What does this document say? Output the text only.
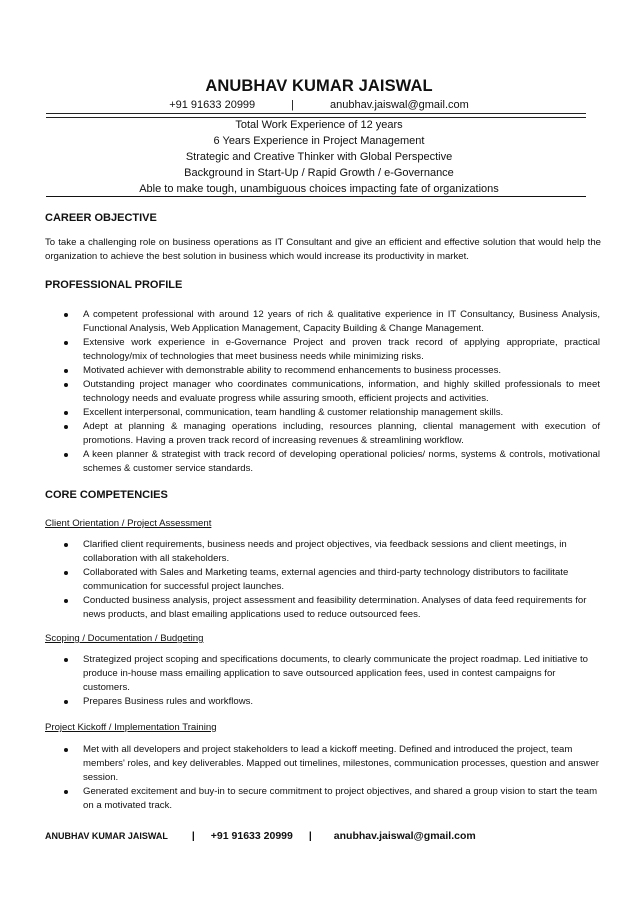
ANUBHAV KUMAR JAISWAL
+91 91633 20999	|	anubhav.jaiswal@gmail.com
Total Work Experience of 12 years
6 Years Experience in Project Management
Strategic and Creative Thinker with Global Perspective
Background in Start-Up / Rapid Growth / e-Governance
Able to make tough, unambiguous choices impacting fate of organizations
CAREER OBJECTIVE

To take a challenging role on business operations as IT Consultant and give an efficient and effective solution that would help the organization to achieve the best solution in business which would increase its productivity in market.

PROFESSIONAL PROFILE
A competent professional with around 12 years of rich & qualitative experience in IT Consultancy, Business Analysis, Functional Analysis, Web Application Management, Capacity Building & Change Management.
Extensive work experience in e-Governance Project and proven track record of applying appropriate, practical technology/mix of technologies that meet business needs while minimizing risks.
Motivated achiever with demonstrable ability to recommend enhancements to business processes.
Outstanding project manager who coordinates communications, information, and highly skilled professionals to meet technology needs and evaluate progress while assuring smooth, efficient projects and activities.
Excellent interpersonal, communication, team handling & customer relationship management skills.
Adept at planning & managing operations including, resources planning, cliental management with execution of promotions. Having a proven track record of increasing revenues & streamlining workflow.
A keen planner & strategist with track record of developing operational policies/ norms, systems & controls, motivational schemes & customer service standards.
CORE COMPETENCIES

Client Orientation / Project Assessment

Clarified client requirements, business needs and project objectives, via feedback sessions and client meetings, in collaboration with all stakeholders.
Collaborated with Sales and Marketing teams, external agencies and third-party technology distributors to facilitate communication for successful project launches.
Conducted business analysis, project assessment and feasibility determination. Analyses of data feed requirements for news products, and blast emailing applications used to reduce outsourced fees.

Scoping / Documentation / Budgeting

Strategized project scoping and specifications documents, to clearly communicate the project roadmap. Led initiative to produce in-house mass emailing application to save outsourced application fees, used in contest campaigns for customers.
Prepares Business rules and workflows.

Project Kickoff / Implementation Training

Met with all developers and project stakeholders to lead a kickoff meeting. Defined and introduced the project, team members' roles, and key deliverables. Mapped out timelines, milestones, communication processes, question and answer session.
Generated excitement and buy-in to secure commitment to project objectives, and shared a group vision to start the team on a motivated track.
ANUBHAV KUMAR JAISWAL | +91 91633 20999 | anubhav.jaiswal@gmail.com
